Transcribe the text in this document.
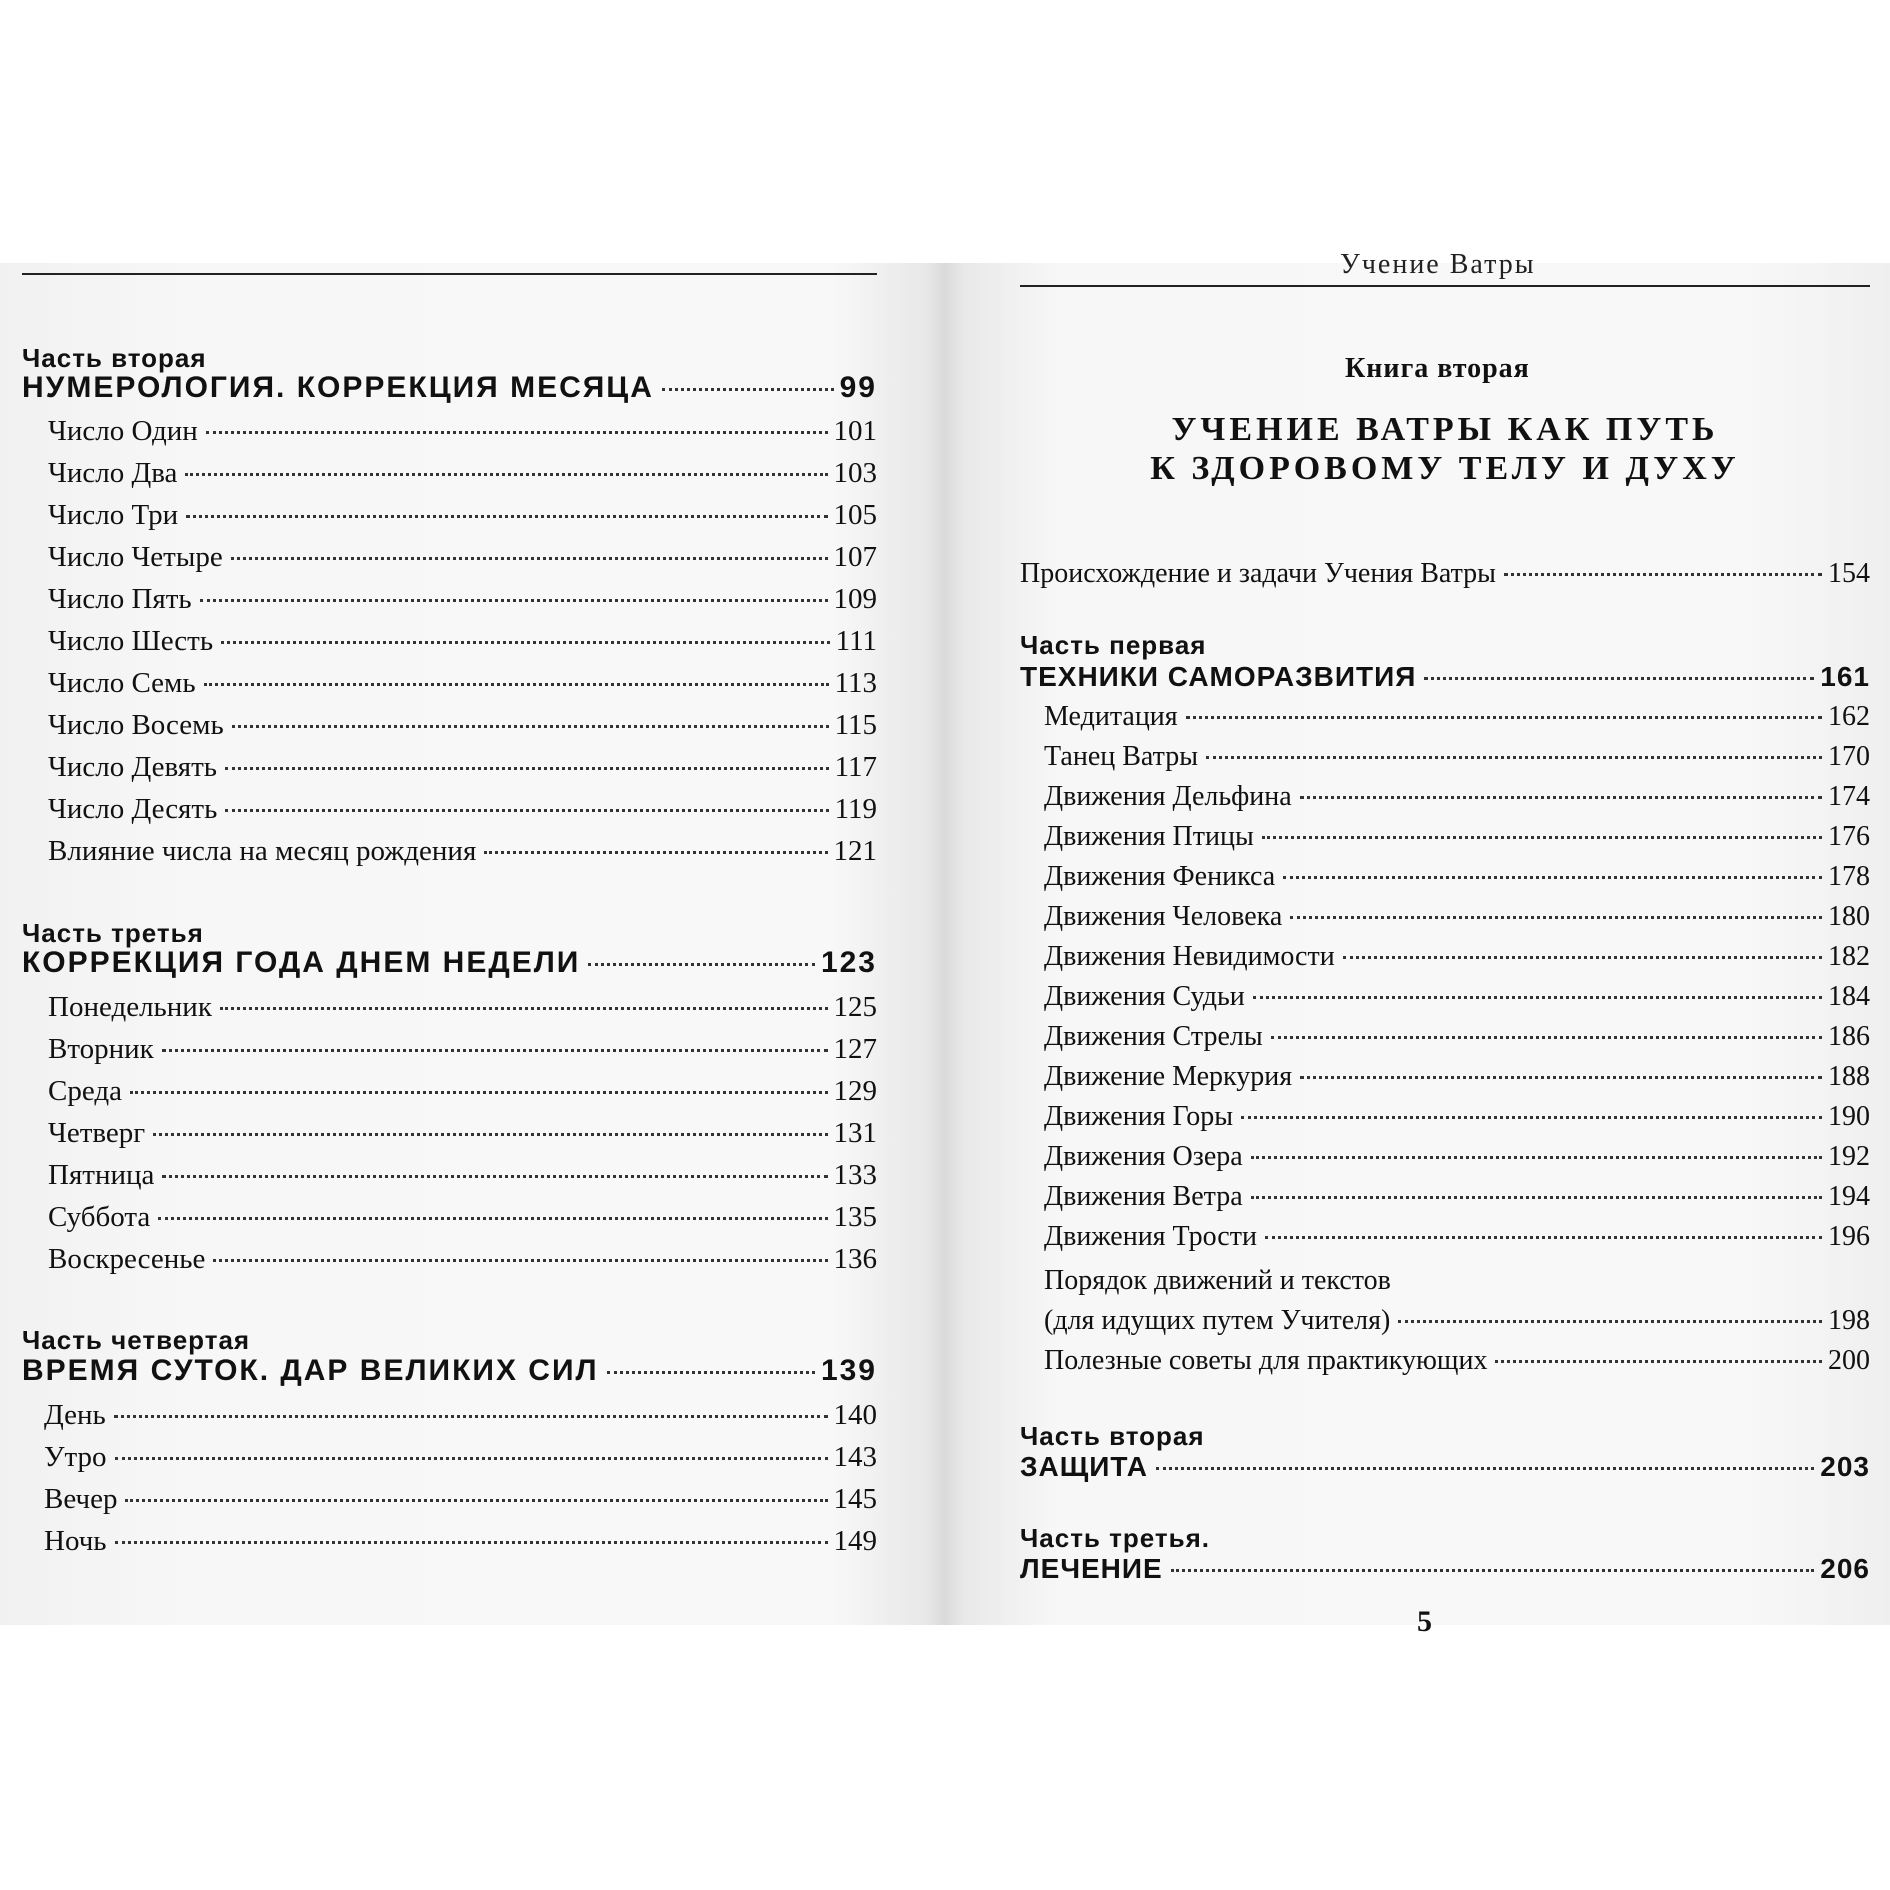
Часть вторая
НУМЕРОЛОГИЯ. КОРРЕКЦИЯ МЕСЯЦА	99
Число Один	101
Число Два	103
Число Три	105
Число Четыре	107
Число Пять	109
Число Шесть	111
Число Семь	113
Число Восемь	115
Число Девять	117
Число Десять	119
Влияние числа на месяц рождения	121
Часть третья
КОРРЕКЦИЯ ГОДА ДНЕМ НЕДЕЛИ	123
Понедельник	125
Вторник	127
Среда	129
Четверг	131
Пятница	133
Суббота	135
Воскресенье	136
Часть четвертая
ВРЕМЯ СУТОК. ДАР ВЕЛИКИХ СИЛ	139
День	140
Утро	143
Вечер	145
Ночь	149
Учение Ватры
Книга вторая
УЧЕНИЕ ВАТРЫ КАК ПУТЬ
К ЗДОРОВОМУ ТЕЛУ И ДУХУ
Происхождение и задачи Учения Ватры	154
Часть первая
ТЕХНИКИ САМОРАЗВИТИЯ	161
Медитация	162
Танец Ватры	170
Движения Дельфина	174
Движения Птицы	176
Движения Феникса	178
Движения Человека	180
Движения Невидимости	182
Движения Судьи	184
Движения Стрелы	186
Движение Меркурия	188
Движения Горы	190
Движения Озера	192
Движения Ветра	194
Движения Трости	196
Порядок движений и текстов
(для идущих путем Учителя)	198
Полезные советы для практикующих	200
Часть вторая
ЗАЩИТА	203
Часть третья.
ЛЕЧЕНИЕ	206
5
